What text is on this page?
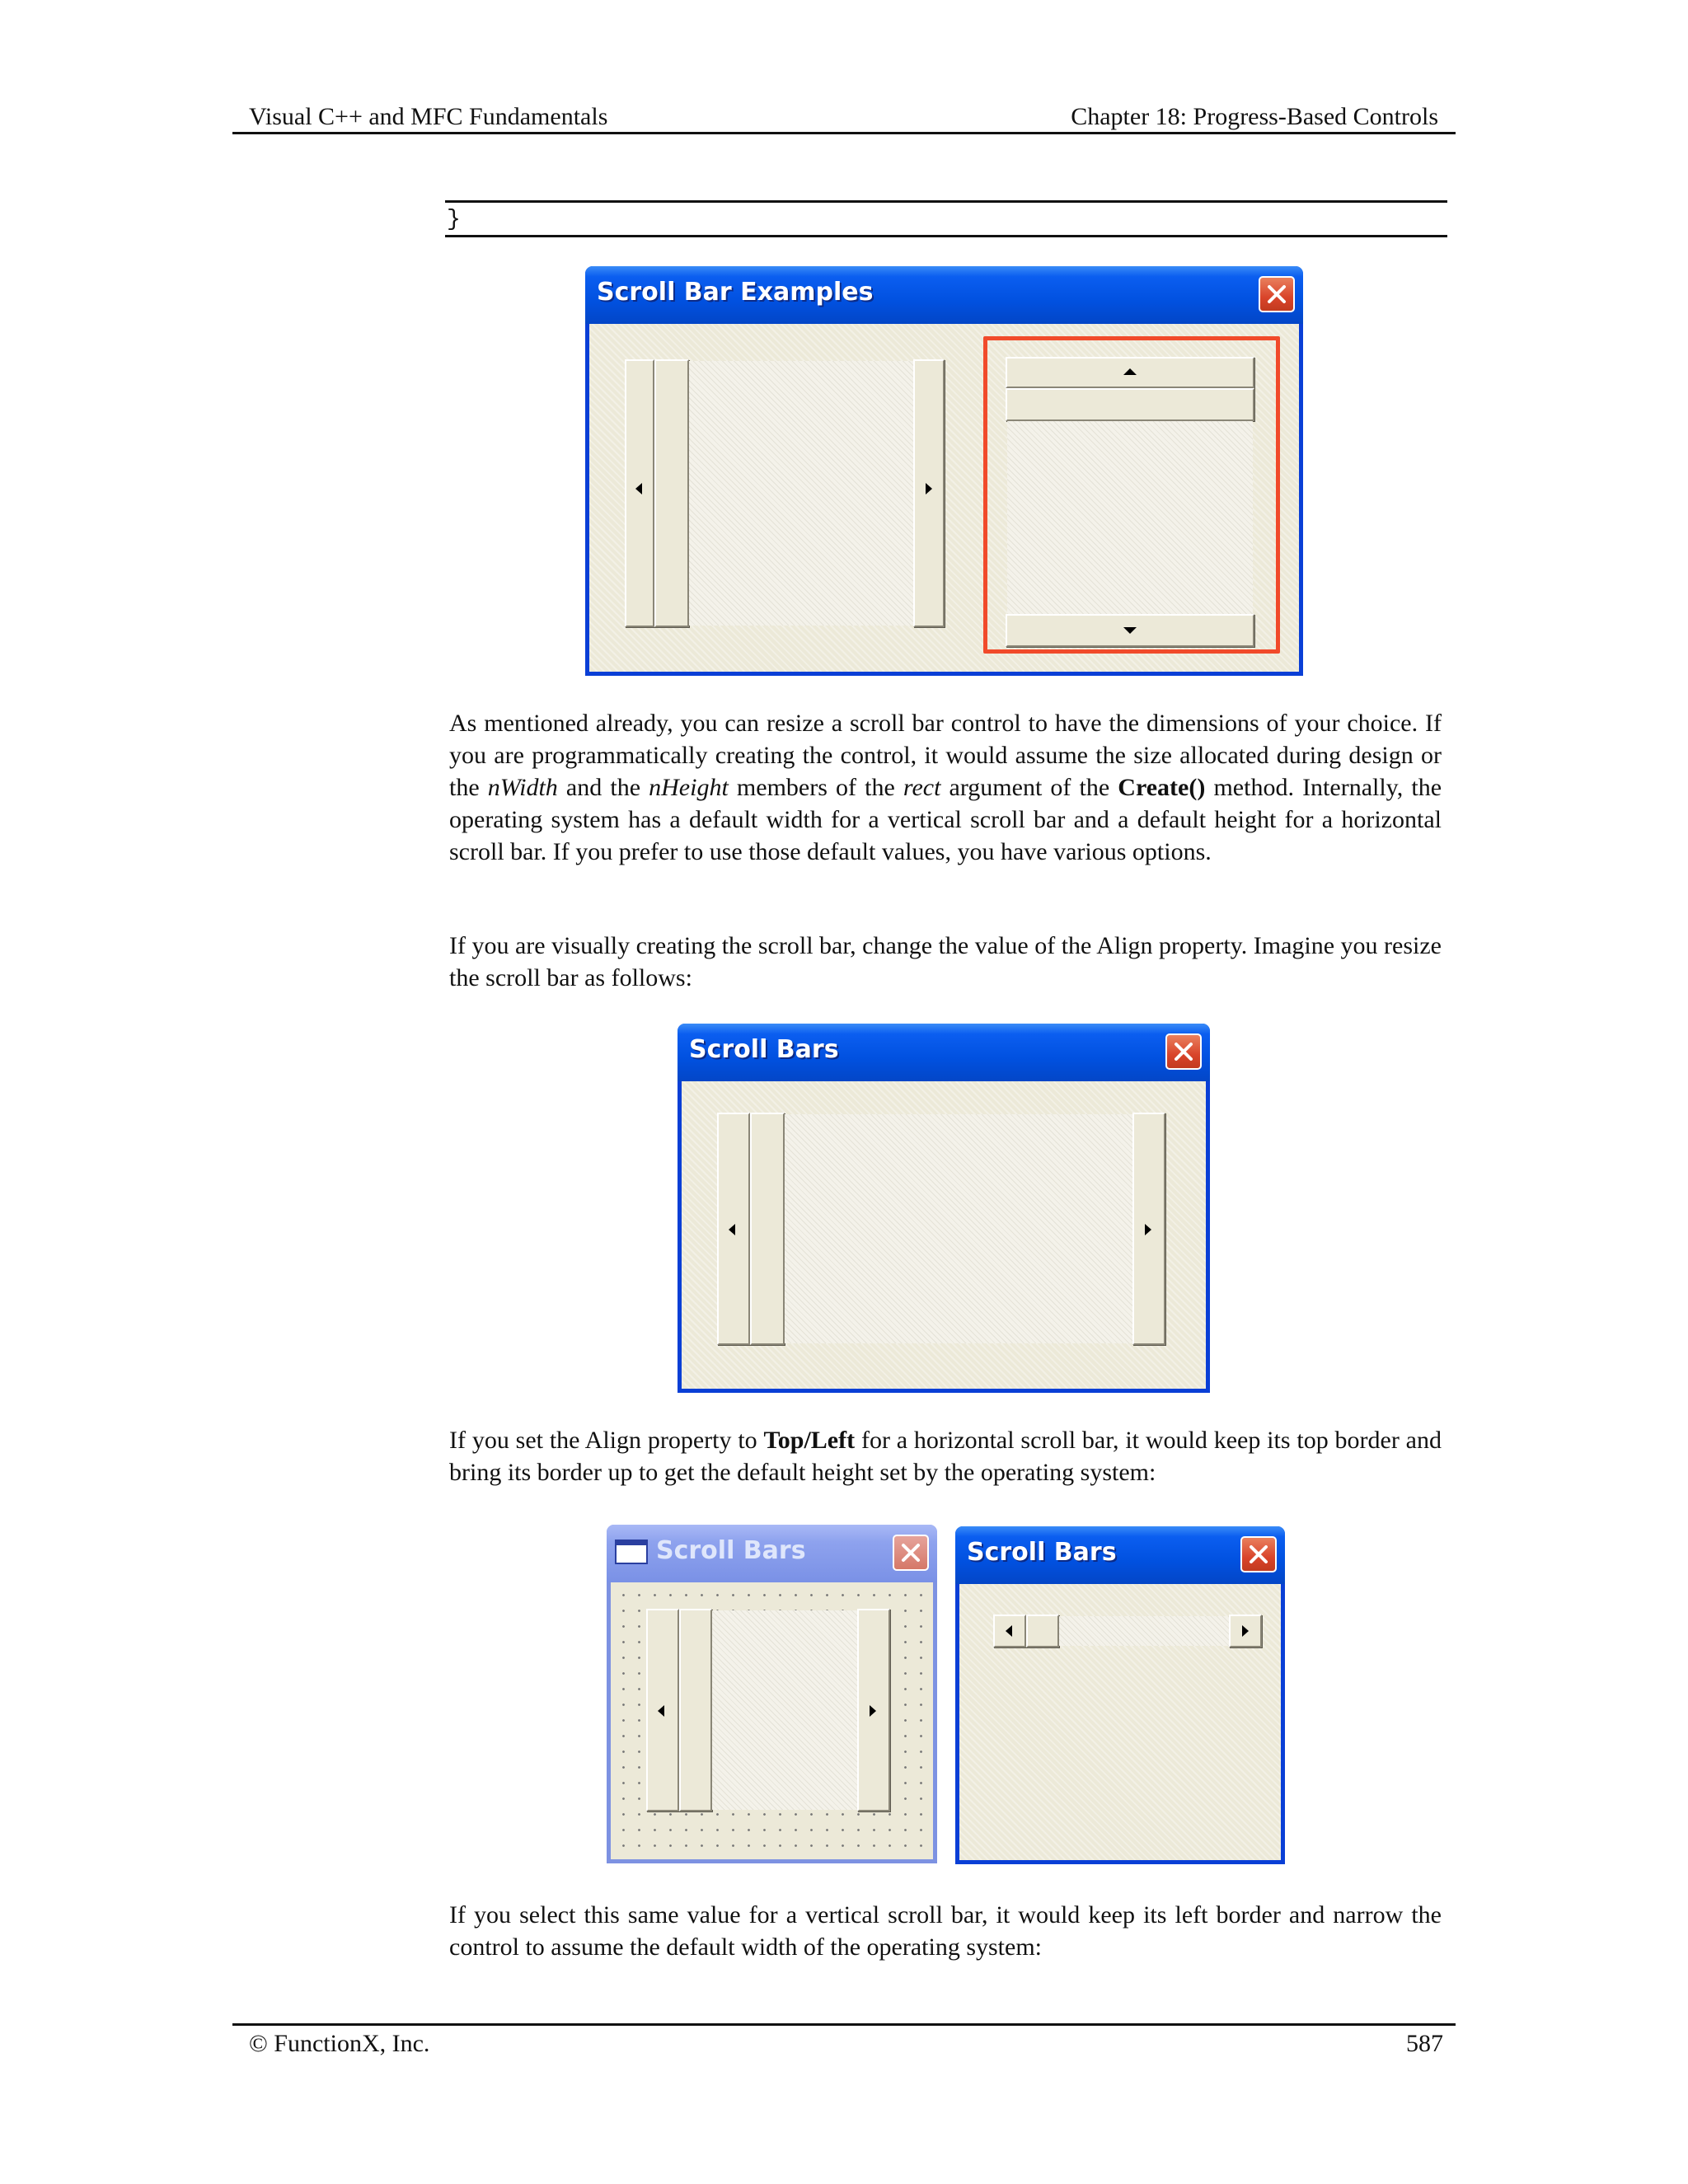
Visual C++ and MFC Fundamentals	Chapter 18: Progress-Based Controls
}
Scroll Bar Examples

As mentioned already, you can resize a scroll bar control to have the dimensions of your choice. If you are programmatically creating the control, it would assume the size allocated during design or the nWidth and the nHeight members of the rect argument of the Create() method. Internally, the operating system has a default width for a vertical scroll bar and a default height for a horizontal scroll bar. If you prefer to use those default values, you have various options.

If you are visually creating the scroll bar, change the value of the Align property. Imagine you resize the scroll bar as follows:

Scroll Bars

If you set the Align property to Top/Left for a horizontal scroll bar, it would keep its top border and bring its border up to get the default height set by the operating system:

Scroll Bars	Scroll Bars

If you select this same value for a vertical scroll bar, it would keep its left border and narrow the control to assume the default width of the operating system:

© FunctionX, Inc.	587
